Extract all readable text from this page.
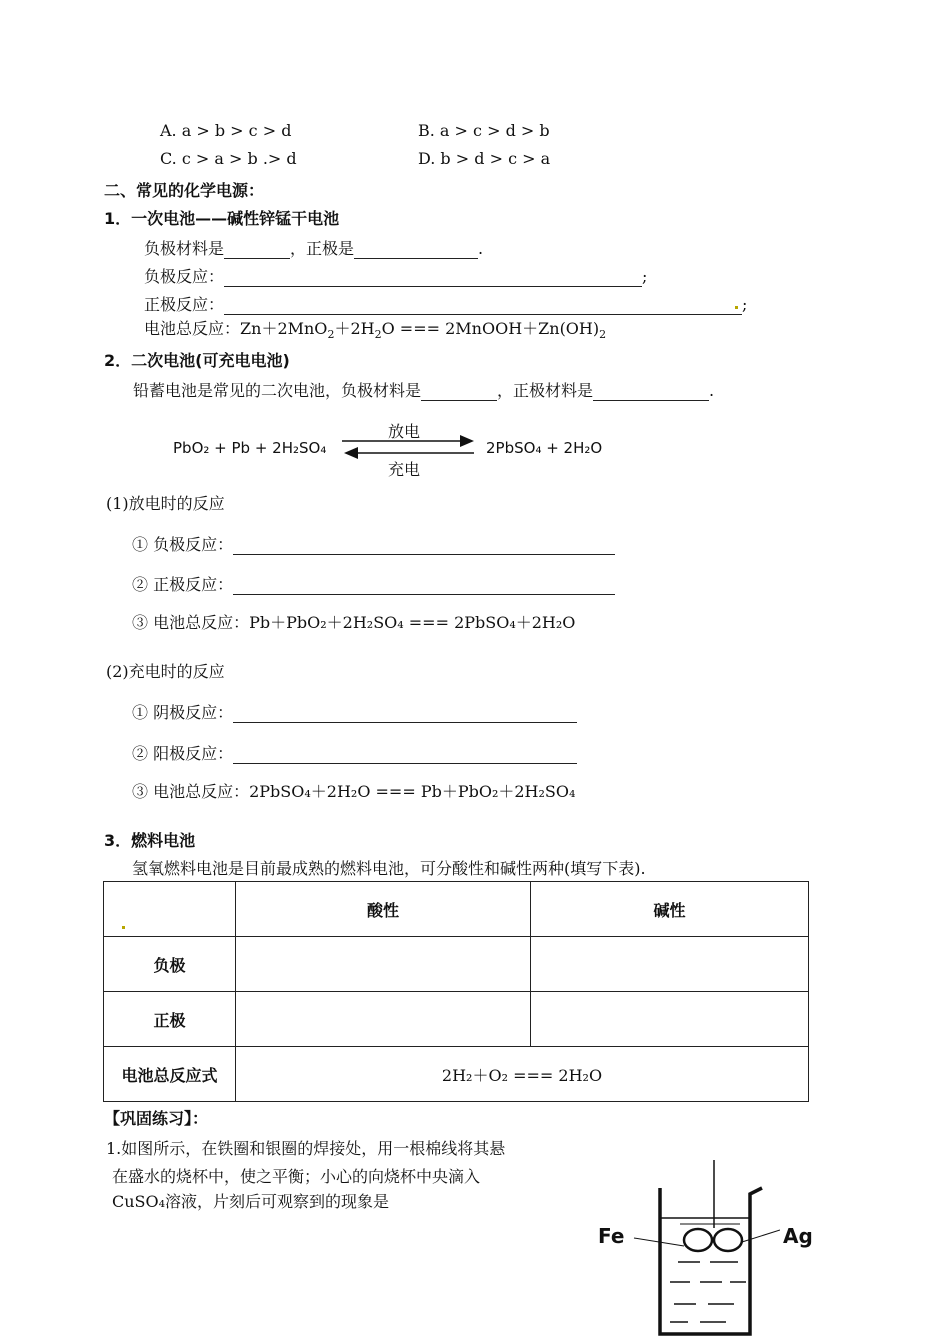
A. a > b > c > d	B. a > c > d > b
C. c > a > b .> d	D. b > d > c > a
二、常见的化学电源：
1．一次电池——碱性锌锰干电池
负极材料是	，正极是	.
负极反应：	;
正极反应：	;
电池总反应：$Zn+2MnO_2+2H_2O$ === $2MnOOH+Zn(OH)_2$
2．二次电池(可充电电池)
铅蓄电池是常见的二次电池，负极材料是	，正极材料是	.
PbO₂ + Pb + 2H₂SO₄	2PbSO₄ + 2H₂O
放电
充电
(1)放电时的反应
① 负极反应：
② 正极反应：
③ 电池总反应：Pb＋PbO₂＋2H₂SO₄ === 2PbSO₄＋2H₂O
(2)充电时的反应
① 阴极反应：
② 阳极反应：
③ 电池总反应：2PbSO₄＋2H₂O === Pb＋PbO₂＋2H₂SO₄
3．燃料电池
氢氧燃料电池是目前最成熟的燃料电池，可分酸性和碱性两种(填写下表).
	酸性	碱性
负极		
正极		
电池总反应式	2H₂＋O₂ === 2H₂O	
【巩固练习】：
1.如图所示，在铁圈和银圈的焊接处，用一根棉线将其悬
在盛水的烧杯中，使之平衡；小心的向烧杯中央滴入
CuSO₄溶液，片刻后可观察到的现象是
Fe	Ag
